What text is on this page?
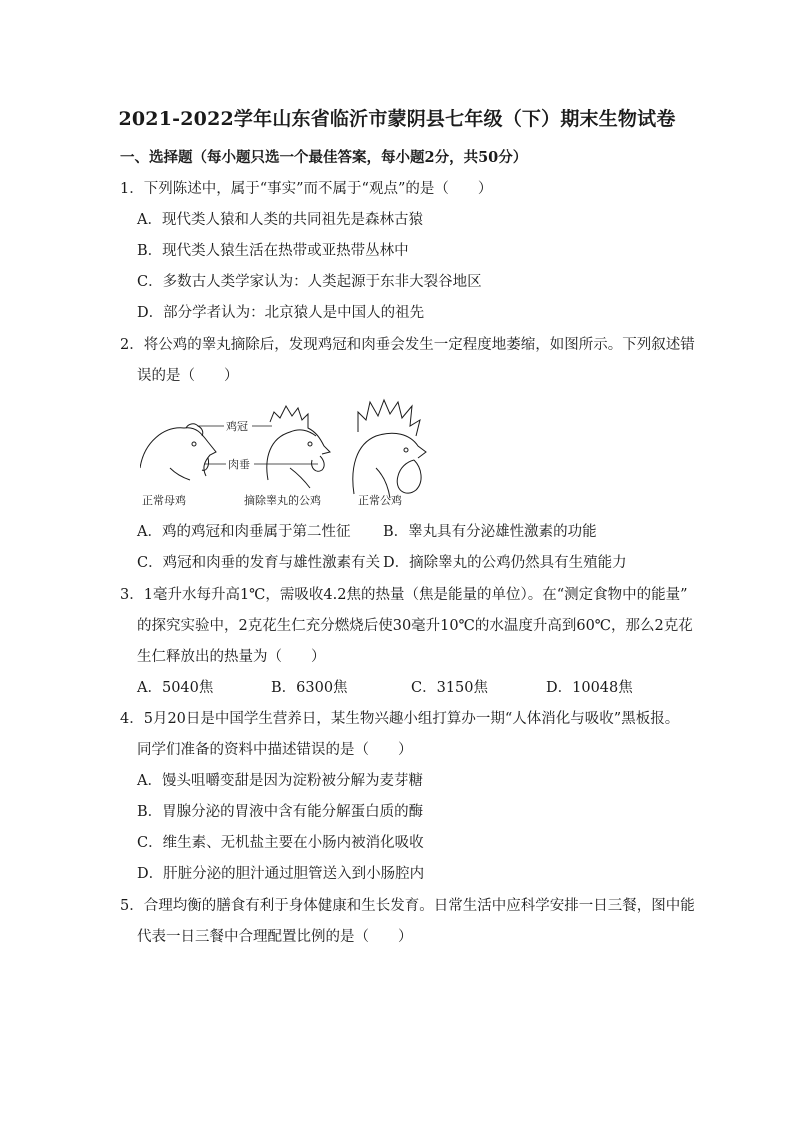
2021-2022学年山东省临沂市蒙阴县七年级（下）期末生物试卷
一、选择题（每小题只选一个最佳答案，每小题2分，共50分）
1．下列陈述中，属于“事实”而不属于“观点”的是（　　）
A．现代类人猿和人类的共同祖先是森林古猿
B．现代类人猿生活在热带或亚热带丛林中
C．多数古人类学家认为：人类起源于东非大裂谷地区
D．部分学者认为：北京猿人是中国人的祖先
2．将公鸡的睾丸摘除后，发现鸡冠和肉垂会发生一定程度地萎缩，如图所示。下列叙述错
误的是（　　）
鸡冠
肉垂
正常母鸡	摘除睾丸的公鸡	正常公鸡
A．鸡的鸡冠和肉垂属于第二性征 B．睾丸具有分泌雄性激素的功能
C．鸡冠和肉垂的发育与雄性激素有关 D．摘除睾丸的公鸡仍然具有生殖能力
3．1毫升水每升高1℃，需吸收4.2焦的热量（焦是能量的单位）。在“测定食物中的能量”
的探究实验中，2克花生仁充分燃烧后使30毫升10℃的水温度升高到60℃，那么2克花
生仁释放出的热量为（　　）
A．5040焦	B．6300焦	C．3150焦	D．10048焦
4．5月20日是中国学生营养日，某生物兴趣小组打算办一期“人体消化与吸收”黑板报。
同学们准备的资料中描述错误的是（　　）
A．馒头咀嚼变甜是因为淀粉被分解为麦芽糖
B．胃腺分泌的胃液中含有能分解蛋白质的酶
C．维生素、无机盐主要在小肠内被消化吸收
D．肝脏分泌的胆汁通过胆管送入到小肠腔内
5．合理均衡的膳食有利于身体健康和生长发育。日常生活中应科学安排一日三餐，图中能
代表一日三餐中合理配置比例的是（　　）
